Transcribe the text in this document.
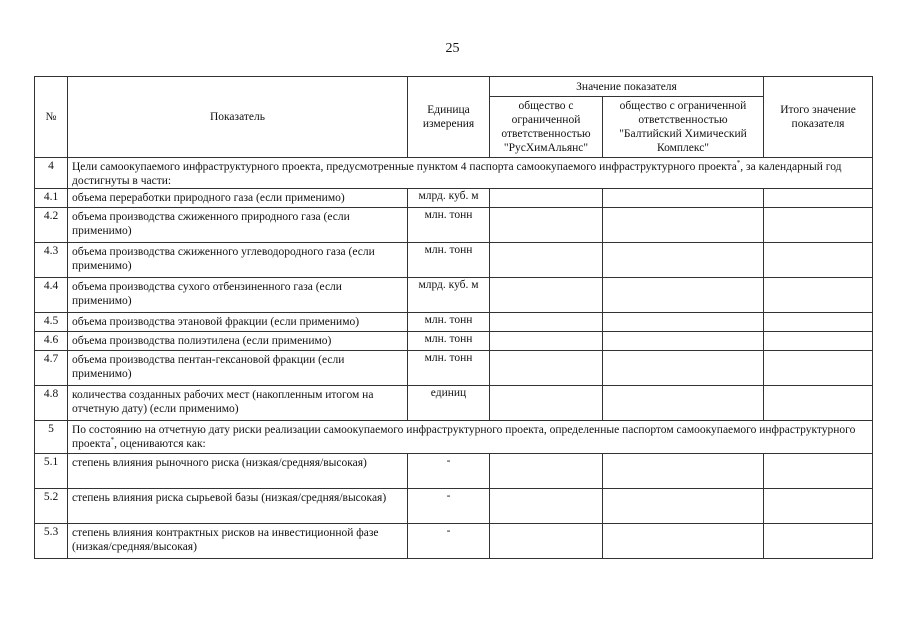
25
№	Показатель	Единица измерения	Значение показателя		Итого значение показателя
			общество с ограниченной ответственностью "РусХимАльянс"	общество с ограниченной ответственностью "Балтийский Химический Комплекс"	
4	Цели самоокупаемого инфраструктурного проекта, предусмотренные пунктом 4 паспорта самоокупаемого инфраструктурного проекта*, за календарный год достигнуты в части:				
4.1	объема переработки природного газа (если применимо)	млрд. куб. м			
4.2	объема производства сжиженного природного газа (если применимо)	млн. тонн			
4.3	объема производства сжиженного углеводородного газа (если применимо)	млн. тонн			
4.4	объема производства сухого отбензиненного газа (если применимо)	млрд. куб. м			
4.5	объема производства этановой фракции (если применимо)	млн. тонн			
4.6	объема производства полиэтилена (если применимо)	млн. тонн			
4.7	объема производства пентан-гексановой фракции (если применимо)	млн. тонн			
4.8	количества созданных рабочих мест (накопленным итогом на отчетную дату) (если применимо)	единиц			
5	По состоянию на отчетную дату риски реализации самоокупаемого инфраструктурного проекта, определенные паспортом самоокупаемого инфраструктурного проекта*, оцениваются как:				
5.1	степень влияния рыночного риска (низкая/средняя/высокая)	-			
5.2	степень влияния риска сырьевой базы (низкая/средняя/высокая)	-			
5.3	степень влияния контрактных рисков на инвестиционной фазе (низкая/средняя/высокая)	-			
